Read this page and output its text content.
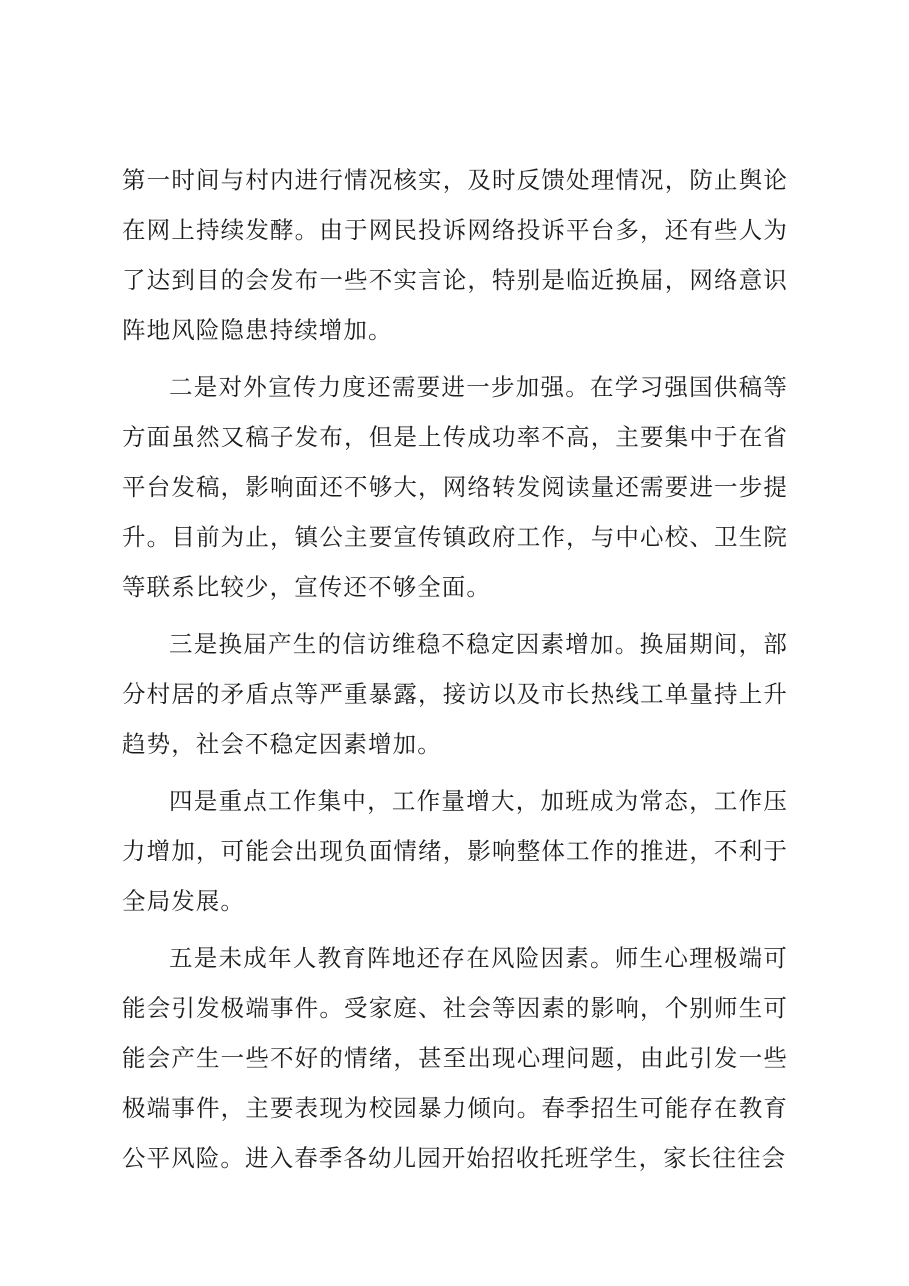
第一时间与村内进行情况核实，及时反馈处理情况，防止舆论在网上持续发酵。由于网民投诉网络投诉平台多，还有些人为了达到目的会发布一些不实言论，特别是临近换届，网络意识阵地风险隐患持续增加。

二是对外宣传力度还需要进一步加强。在学习强国供稿等方面虽然又稿子发布，但是上传成功率不高，主要集中于在省平台发稿，影响面还不够大，网络转发阅读量还需要进一步提升。目前为止，镇公主要宣传镇政府工作，与中心校、卫生院等联系比较少，宣传还不够全面。

三是换届产生的信访维稳不稳定因素增加。换届期间，部分村居的矛盾点等严重暴露，接访以及市长热线工单量持上升趋势，社会不稳定因素增加。

四是重点工作集中，工作量增大，加班成为常态，工作压力增加，可能会出现负面情绪，影响整体工作的推进，不利于全局发展。

五是未成年人教育阵地还存在风险因素。师生心理极端可能会引发极端事件。受家庭、社会等因素的影响，个别师生可能会产生一些不好的情绪，甚至出现心理问题，由此引发一些极端事件，主要表现为校园暴力倾向。春季招生可能存在教育公平风险。进入春季各幼儿园开始招收托班学生，家长往往会
